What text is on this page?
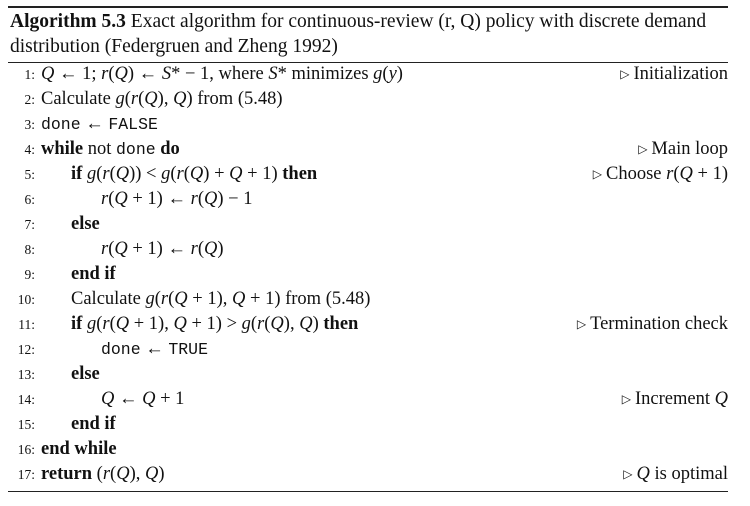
Algorithm 5.3 Exact algorithm for continuous-review (r, Q) policy with discrete demand distribution (Federgruen and Zheng 1992)
1: Q ← 1; r(Q) ← S* − 1, where S* minimizes g(y)	▷ Initialization
2: Calculate g(r(Q), Q) from (5.48)
3: done ← FALSE
4: while not done do	▷ Main loop
5: if g(r(Q)) < g(r(Q) + Q + 1) then	▷ Choose r(Q + 1)
6:	r(Q + 1) ← r(Q) − 1
7: else
8:	r(Q + 1) ← r(Q)
9: end if
10: Calculate g(r(Q + 1), Q + 1) from (5.48)
11: if g(r(Q + 1), Q + 1) > g(r(Q), Q) then	▷ Termination check
12:	done ← TRUE
13: else
14:	Q ← Q + 1	▷ Increment Q
15: end if
16: end while
17: return (r(Q), Q)	▷ Q is optimal
